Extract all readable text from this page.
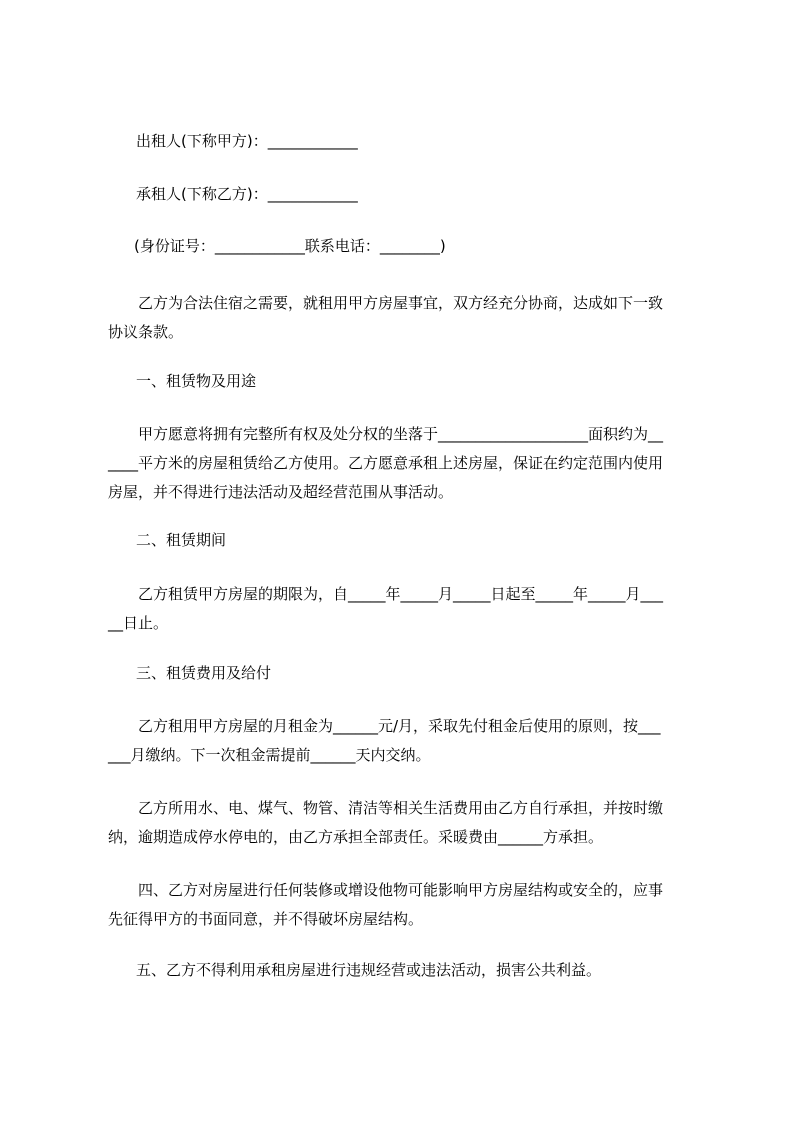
出租人(下称甲方)：____________
承租人(下称乙方)：____________
(身份证号：____________联系电话：________)
乙方为合法住宿之需要，就租用甲方房屋事宜，双方经充分协商，达成如下一致
协议条款。
一、租赁物及用途
甲方愿意将拥有完整所有权及处分权的坐落于____________________面积约为__
____平方米的房屋租赁给乙方使用。乙方愿意承租上述房屋，保证在约定范围内使用
房屋，并不得进行违法活动及超经营范围从事活动。
二、租赁期间
乙方租赁甲方房屋的期限为，自_____年_____月_____日起至_____年_____月___
__日止。
三、租赁费用及给付
乙方租用甲方房屋的月租金为______元/月，采取先付租金后使用的原则，按___
___月缴纳。下一次租金需提前______天内交纳。
乙方所用水、电、煤气、物管、清洁等相关生活费用由乙方自行承担，并按时缴
纳，逾期造成停水停电的，由乙方承担全部责任。采暖费由______方承担。
四、乙方对房屋进行任何装修或增设他物可能影响甲方房屋结构或安全的，应事
先征得甲方的书面同意，并不得破坏房屋结构。
五、乙方不得利用承租房屋进行违规经营或违法活动，损害公共利益。
